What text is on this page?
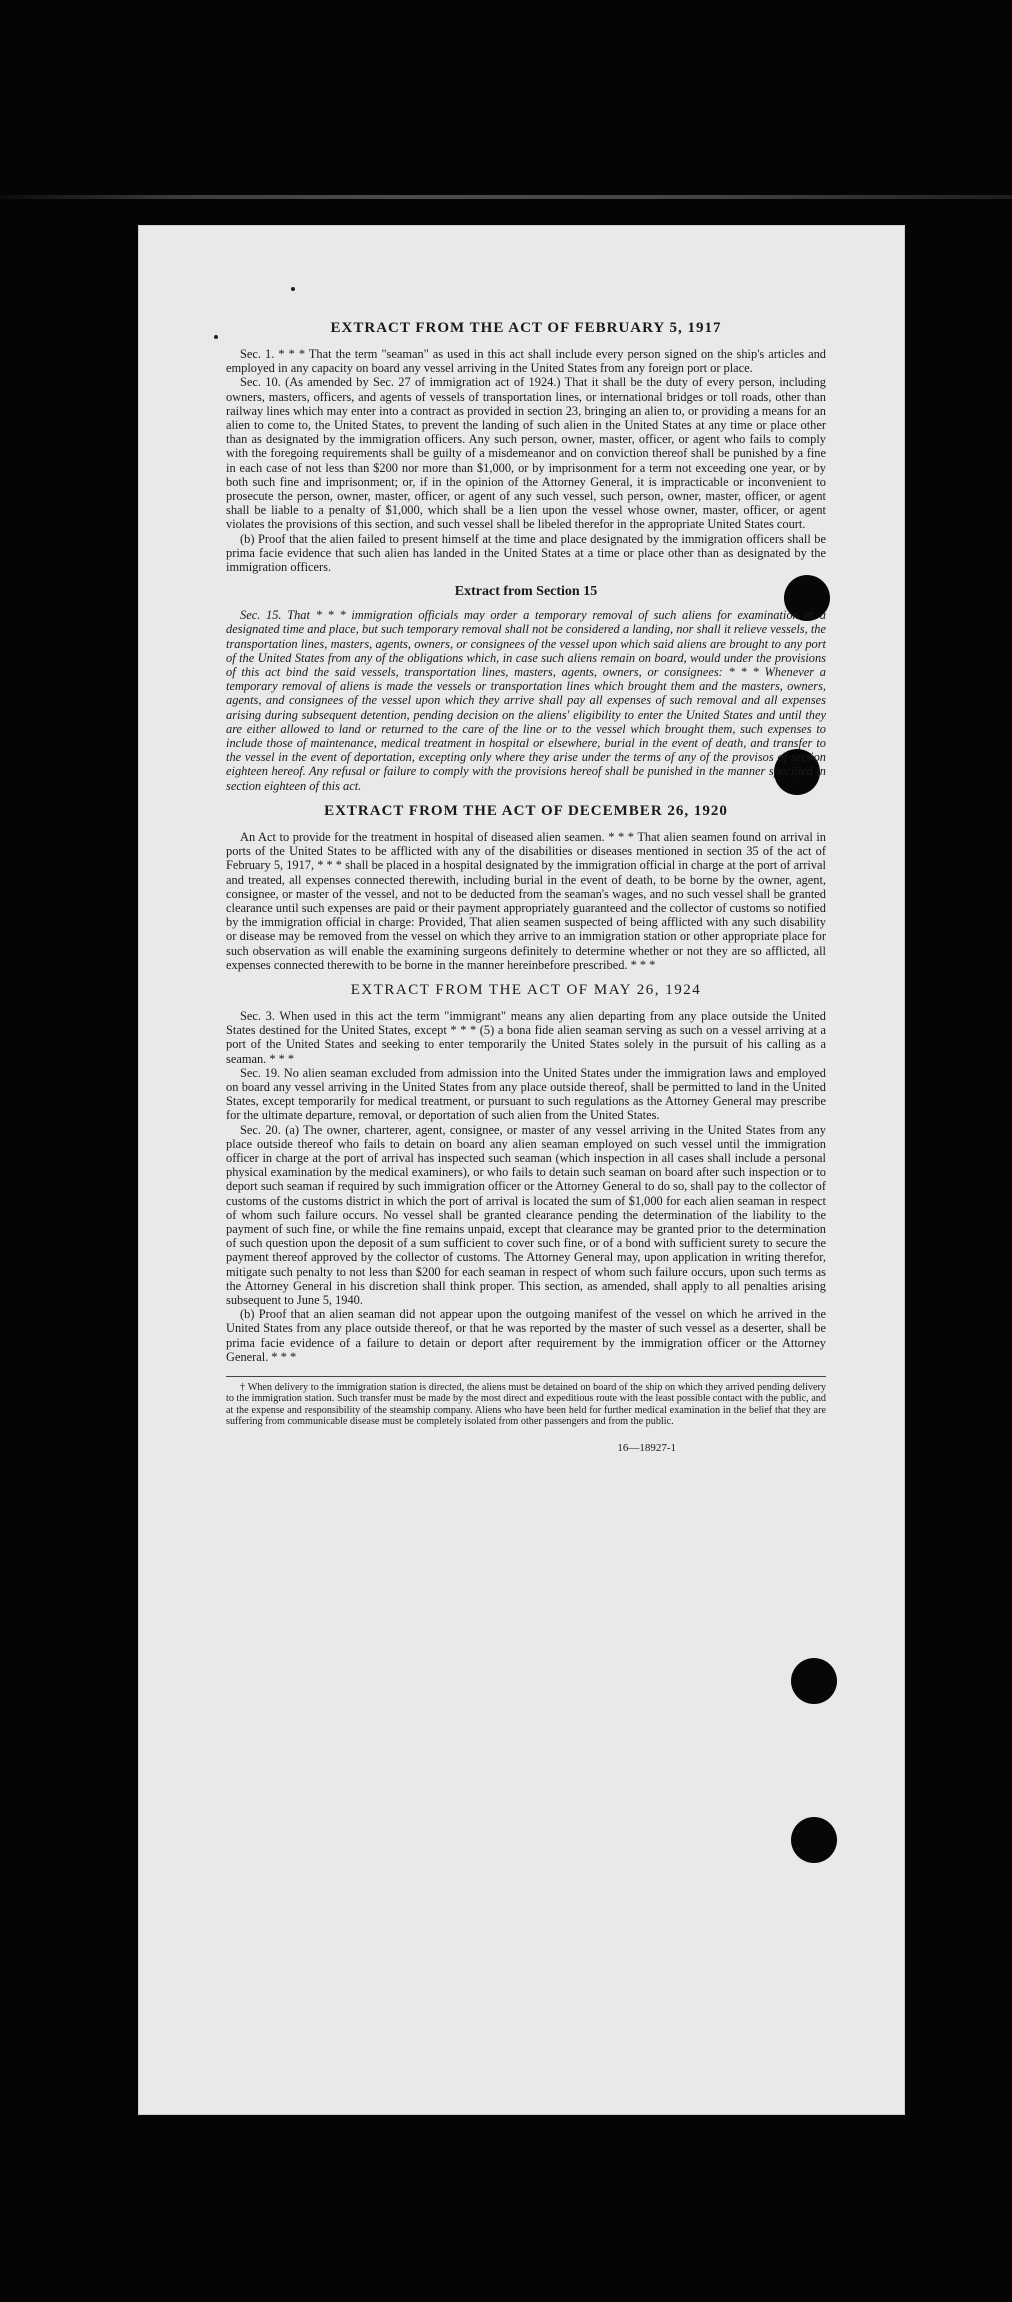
EXTRACT FROM THE ACT OF FEBRUARY 5, 1917

Sec. 1. * * * That the term "seaman" as used in this act shall include every person signed on the ship's articles and employed in any capacity on board any vessel arriving in the United States from any foreign port or place.

Sec. 10. (As amended by Sec. 27 of immigration act of 1924.) That it shall be the duty of every person, including owners, masters, officers, and agents of vessels of transportation lines, or international bridges or toll roads, other than railway lines which may enter into a contract as provided in section 23, bringing an alien to, or providing a means for an alien to come to, the United States, to prevent the landing of such alien in the United States at any time or place other than as designated by the immigration officers. Any such person, owner, master, officer, or agent who fails to comply with the foregoing requirements shall be guilty of a misdemeanor and on conviction thereof shall be punished by a fine in each case of not less than $200 nor more than $1,000, or by imprisonment for a term not exceeding one year, or by both such fine and imprisonment; or, if in the opinion of the Attorney General, it is impracticable or inconvenient to prosecute the person, owner, master, officer, or agent of any such vessel, such person, owner, master, officer, or agent shall be liable to a penalty of $1,000, which shall be a lien upon the vessel whose owner, master, officer, or agent violates the provisions of this section, and such vessel shall be libeled therefor in the appropriate United States court.

(b) Proof that the alien failed to present himself at the time and place designated by the immigration officers shall be prima facie evidence that such alien has landed in the United States at a time or place other than as designated by the immigration officers.

Extract from Section 15

Sec. 15. That * * * immigration officials may order a temporary removal of such aliens for examination at a designated time and place, but such temporary removal shall not be considered a landing, nor shall it relieve vessels, the transportation lines, masters, agents, owners, or consignees of the vessel upon which said aliens are brought to any port of the United States from any of the obligations which, in case such aliens remain on board, would under the provisions of this act bind the said vessels, transportation lines, masters, agents, owners, or consignees: * * * Whenever a temporary removal of aliens is made the vessels or transportation lines which brought them and the masters, owners, agents, and consignees of the vessel upon which they arrive shall pay all expenses of such removal and all expenses arising during subsequent detention, pending decision on the aliens' eligibility to enter the United States and until they are either allowed to land or returned to the care of the line or to the vessel which brought them, such expenses to include those of maintenance, medical treatment in hospital or elsewhere, burial in the event of death, and transfer to the vessel in the event of deportation, excepting only where they arise under the terms of any of the provisos of section eighteen hereof. Any refusal or failure to comply with the provisions hereof shall be punished in the manner specified in section eighteen of this act.

EXTRACT FROM THE ACT OF DECEMBER 26, 1920

An Act to provide for the treatment in hospital of diseased alien seamen. * * * That alien seamen found on arrival in ports of the United States to be afflicted with any of the disabilities or diseases mentioned in section 35 of the act of February 5, 1917, * * * shall be placed in a hospital designated by the immigration official in charge at the port of arrival and treated, all expenses connected therewith, including burial in the event of death, to be borne by the owner, agent, consignee, or master of the vessel, and not to be deducted from the seaman's wages, and no such vessel shall be granted clearance until such expenses are paid or their payment appropriately guaranteed and the collector of customs so notified by the immigration official in charge: Provided, That alien seamen suspected of being afflicted with any such disability or disease may be removed from the vessel on which they arrive to an immigration station or other appropriate place for such observation as will enable the examining surgeons definitely to determine whether or not they are so afflicted, all expenses connected therewith to be borne in the manner hereinbefore prescribed. * * *

EXTRACT FROM THE ACT OF MAY 26, 1924

Sec. 3. When used in this act the term "immigrant" means any alien departing from any place outside the United States destined for the United States, except * * * (5) a bona fide alien seaman serving as such on a vessel arriving at a port of the United States and seeking to enter temporarily the United States solely in the pursuit of his calling as a seaman. * * *

Sec. 19. No alien seaman excluded from admission into the United States under the immigration laws and employed on board any vessel arriving in the United States from any place outside thereof, shall be permitted to land in the United States, except temporarily for medical treatment, or pursuant to such regulations as the Attorney General may prescribe for the ultimate departure, removal, or deportation of such alien from the United States.

Sec. 20. (a) The owner, charterer, agent, consignee, or master of any vessel arriving in the United States from any place outside thereof who fails to detain on board any alien seaman employed on such vessel until the immigration officer in charge at the port of arrival has inspected such seaman (which inspection in all cases shall include a personal physical examination by the medical examiners), or who fails to detain such seaman on board after such inspection or to deport such seaman if required by such immigration officer or the Attorney General to do so, shall pay to the collector of customs of the customs district in which the port of arrival is located the sum of $1,000 for each alien seaman in respect of whom such failure occurs. No vessel shall be granted clearance pending the determination of the liability to the payment of such fine, or while the fine remains unpaid, except that clearance may be granted prior to the determination of such question upon the deposit of a sum sufficient to cover such fine, or of a bond with sufficient surety to secure the payment thereof approved by the collector of customs. The Attorney General may, upon application in writing therefor, mitigate such penalty to not less than $200 for each seaman in respect of whom such failure occurs, upon such terms as the Attorney General in his discretion shall think proper. This section, as amended, shall apply to all penalties arising subsequent to June 5, 1940.

(b) Proof that an alien seaman did not appear upon the outgoing manifest of the vessel on which he arrived in the United States from any place outside thereof, or that he was reported by the master of such vessel as a deserter, shall be prima facie evidence of a failure to detain or deport after requirement by the immigration officer or the Attorney General. * * *

† When delivery to the immigration station is directed, the aliens must be detained on board of the ship on which they arrived pending delivery to the immigration station. Such transfer must be made by the most direct and expeditious route with the least possible contact with the public, and at the expense and responsibility of the steamship company. Aliens who have been held for further medical examination in the belief that they are suffering from communicable disease must be completely isolated from other passengers and from the public.

16—18927-1
